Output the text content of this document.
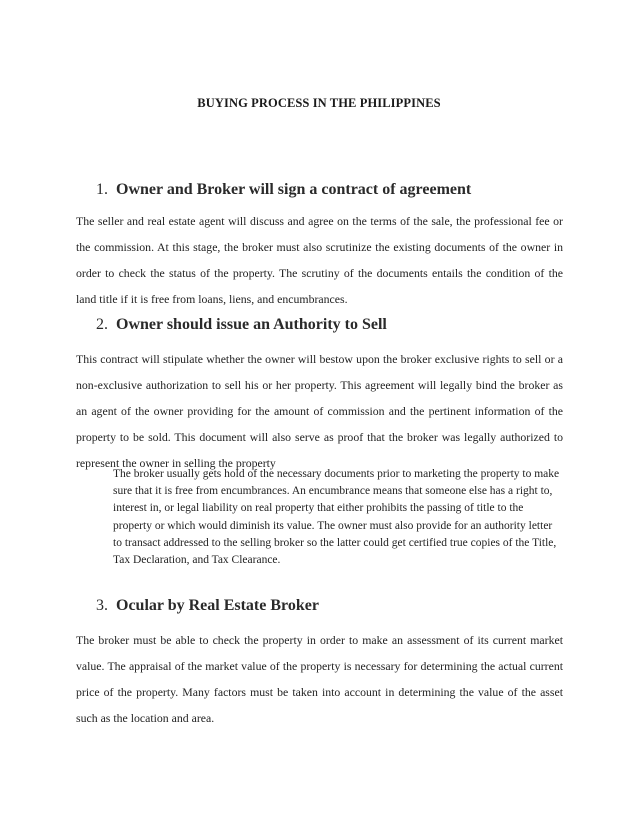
BUYING PROCESS IN THE PHILIPPINES
1. Owner and Broker will sign a contract of agreement
The seller and real estate agent will discuss and agree on the terms of the sale, the professional fee or the commission. At this stage, the broker must also scrutinize the existing documents of the owner in order to check the status of the property. The scrutiny of the documents entails the condition of the land title if it is free from loans, liens, and encumbrances.
2. Owner should issue an Authority to Sell
This contract will stipulate whether the owner will bestow upon the broker exclusive rights to sell or a non-exclusive authorization to sell his or her property. This agreement will legally bind the broker as an agent of the owner providing for the amount of commission and the pertinent information of the property to be sold. This document will also serve as proof that the broker was legally authorized to represent the owner in selling the property
The broker usually gets hold of the necessary documents prior to marketing the property to make sure that it is free from encumbrances. An encumbrance means that someone else has a right to, interest in, or legal liability on real property that either prohibits the passing of title to the property or which would diminish its value. The owner must also provide for an authority letter to transact addressed to the selling broker so the latter could get certified true copies of the Title, Tax Declaration, and Tax Clearance.
3. Ocular by Real Estate Broker
The broker must be able to check the property in order to make an assessment of its current market value. The appraisal of the market value of the property is necessary for determining the actual current price of the property. Many factors must be taken into account in determining the value of the asset such as the location and area.
